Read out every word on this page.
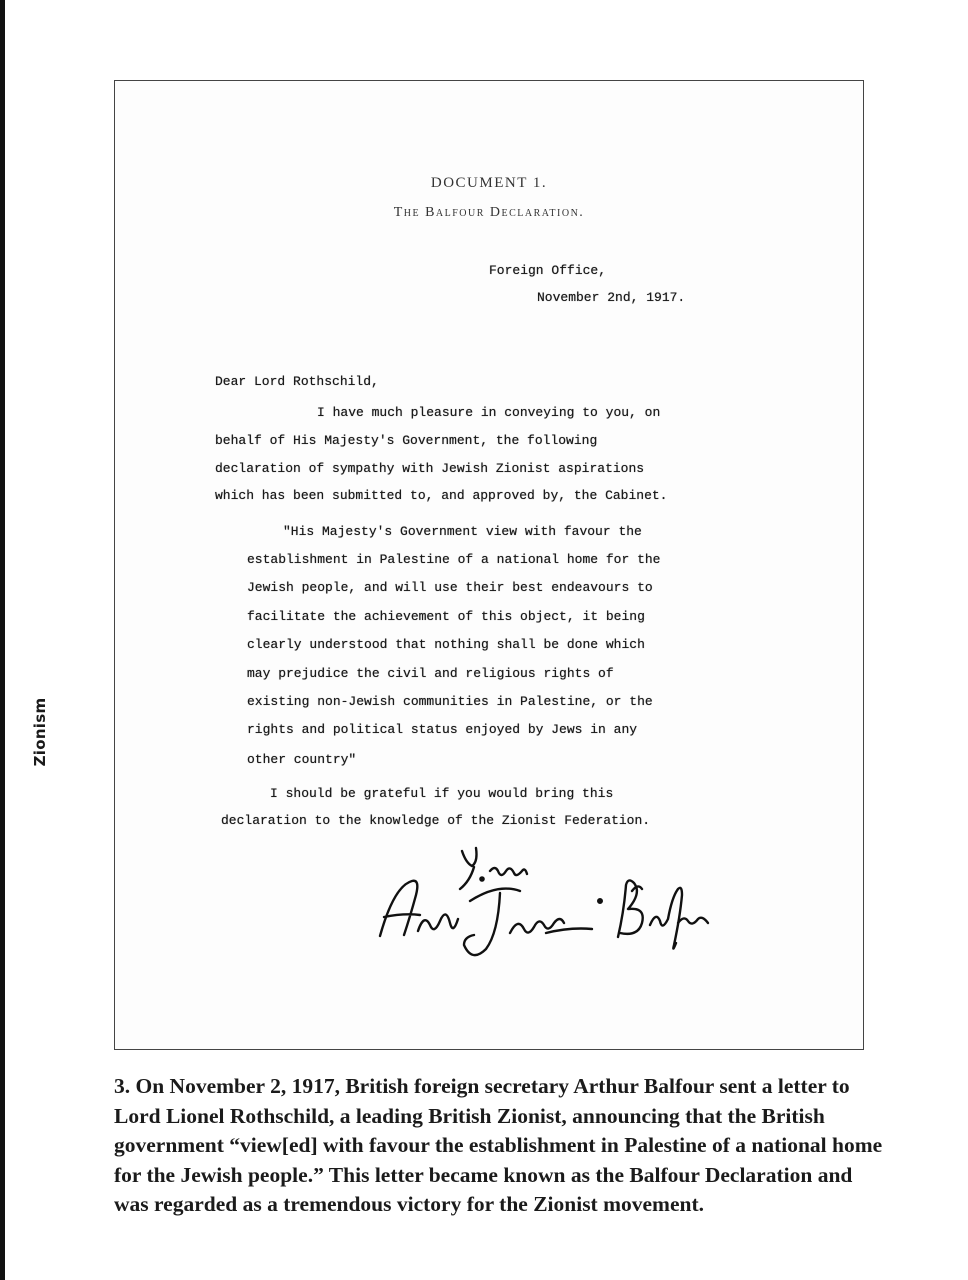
Zionism
DOCUMENT 1.
The Balfour Declaration.
Foreign Office,
November 2nd, 1917.
Dear Lord Rothschild,
I have much pleasure in conveying to you, on
behalf of His Majesty's Government, the following
declaration of sympathy with Jewish Zionist aspirations
which has been submitted to, and approved by, the Cabinet.
"His Majesty's Government view with favour the
establishment in Palestine of a national home for the
Jewish people, and will use their best endeavours to
facilitate the achievement of this object, it being
clearly understood that nothing shall be done which
may prejudice the civil and religious rights of
existing non-Jewish communities in Palestine, or the
rights and political status enjoyed by Jews in any
other country"
I should be grateful if you would bring this
declaration to the knowledge of the Zionist Federation.
3. On November 2, 1917, British foreign secretary Arthur Balfour sent a letter to Lord Lionel Rothschild, a leading British Zionist, announcing that the British government “view[ed] with favour the establishment in Palestine of a national home for the Jewish people.” This letter became known as the Balfour Declaration and was regarded as a tremendous victory for the Zionist movement.
